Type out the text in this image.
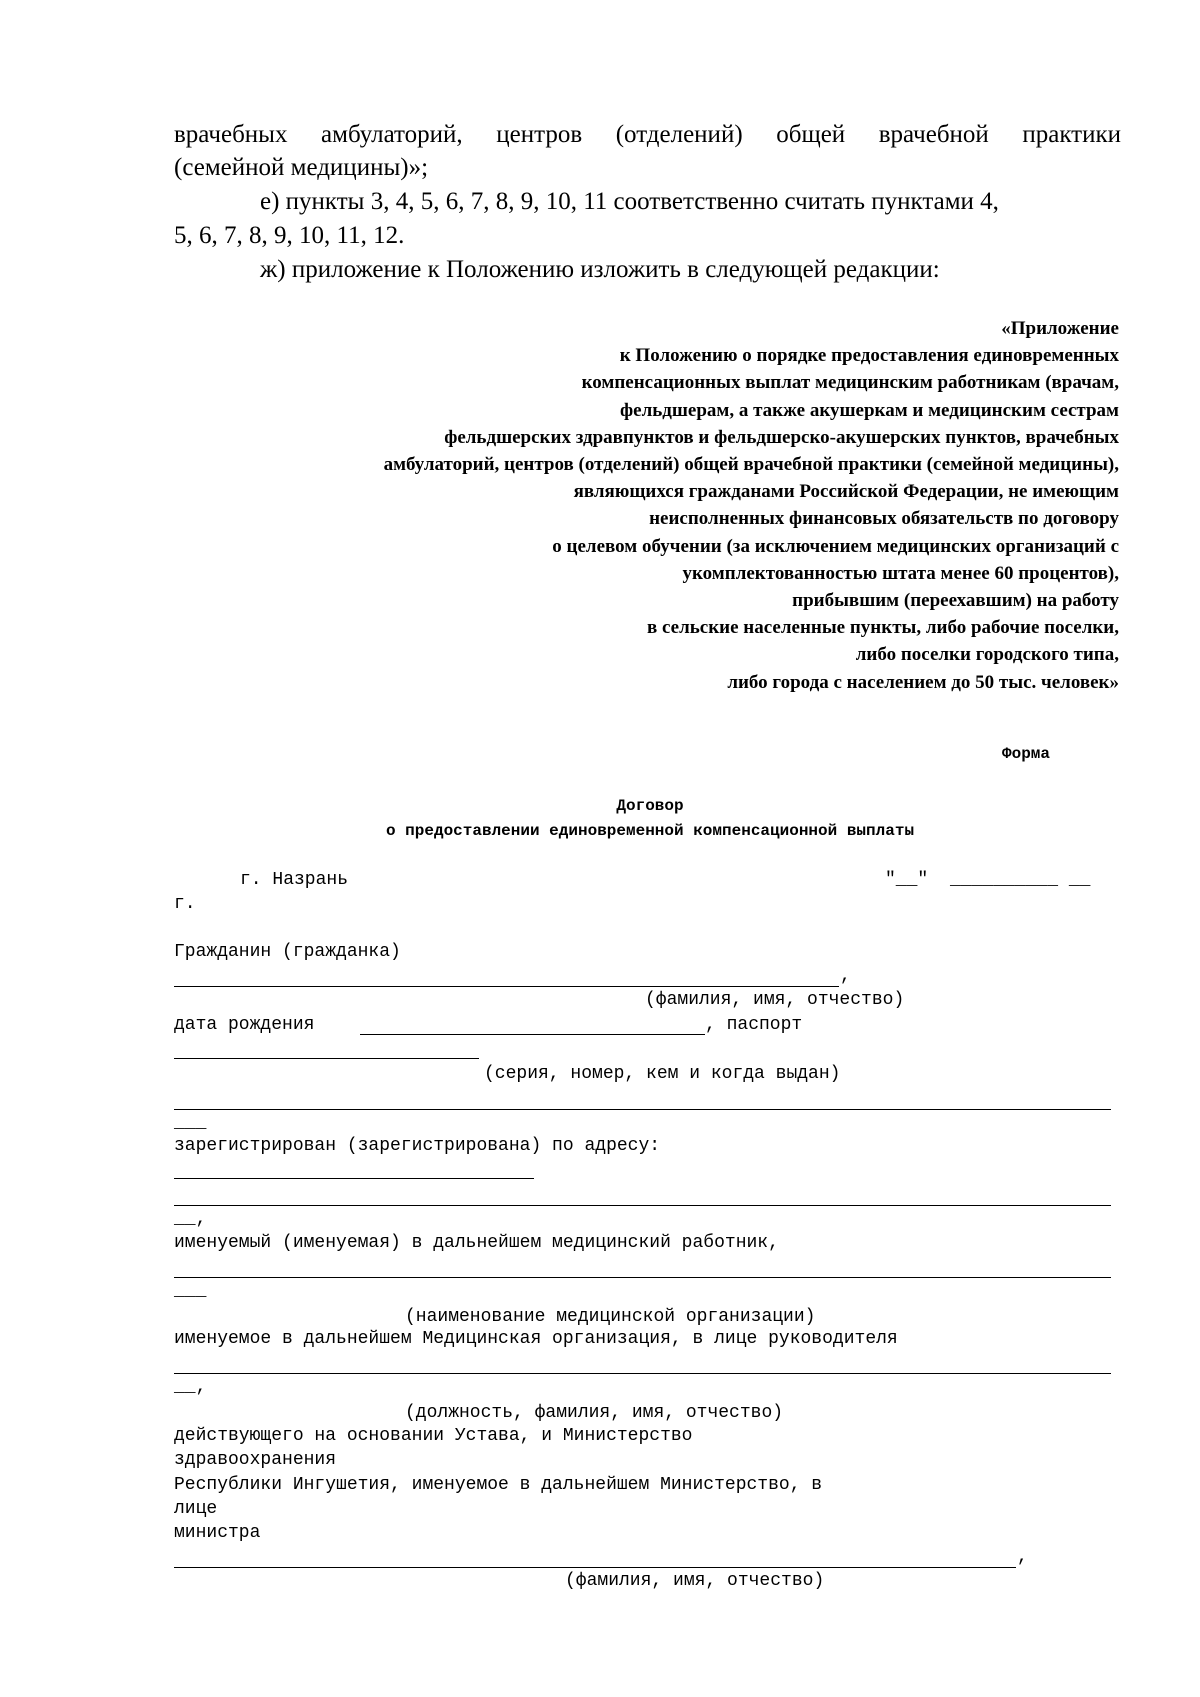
врачебных амбулаторий, центров (отделений) общей врачебной практики
(семейной медицины)»;
е) пункты 3, 4, 5, 6, 7, 8, 9, 10, 11 соответственно считать пунктами 4,
5, 6, 7, 8, 9, 10, 11, 12.
ж) приложение к Положению изложить в следующей редакции:
«Приложение
к Положению о порядке предоставления единовременных
компенсационных выплат медицинским работникам (врачам,
фельдшерам, а также акушеркам и медицинским сестрам
фельдшерских здравпунктов и фельдшерско-акушерских пунктов, врачебных
амбулаторий, центров (отделений) общей врачебной практики (семейной медицины),
являющихся гражданами Российской Федерации, не имеющим
неисполненных финансовых обязательств по договору
о целевом обучении (за исключением медицинских организаций с
укомплектованностью штата менее 60 процентов),
прибывшим (переехавшим) на работу
в сельские населенные пункты, либо рабочие поселки,
либо поселки городского типа,
либо города с населением до 50 тыс. человек»
Форма
Договор
о предоставлении единовременной компенсационной выплаты
г. Назрань	"__" __________ __
г.
Гражданин (гражданка)
,
(фамилия, имя, отчество)
дата рождения	, паспорт
(серия, номер, кем и когда выдан)
___
зарегистрирован (зарегистрирована) по адресу:
__,
именуемый (именуемая) в дальнейшем медицинский работник,
___
(наименование медицинской организации)
именуемое в дальнейшем Медицинская организация, в лице руководителя
__,
(должность, фамилия, имя, отчество)
действующего на основании Устава, и Министерство
здравоохранения
Республики Ингушетия, именуемое в дальнейшем Министерство, в
лице
министра
,
(фамилия, имя, отчество)
